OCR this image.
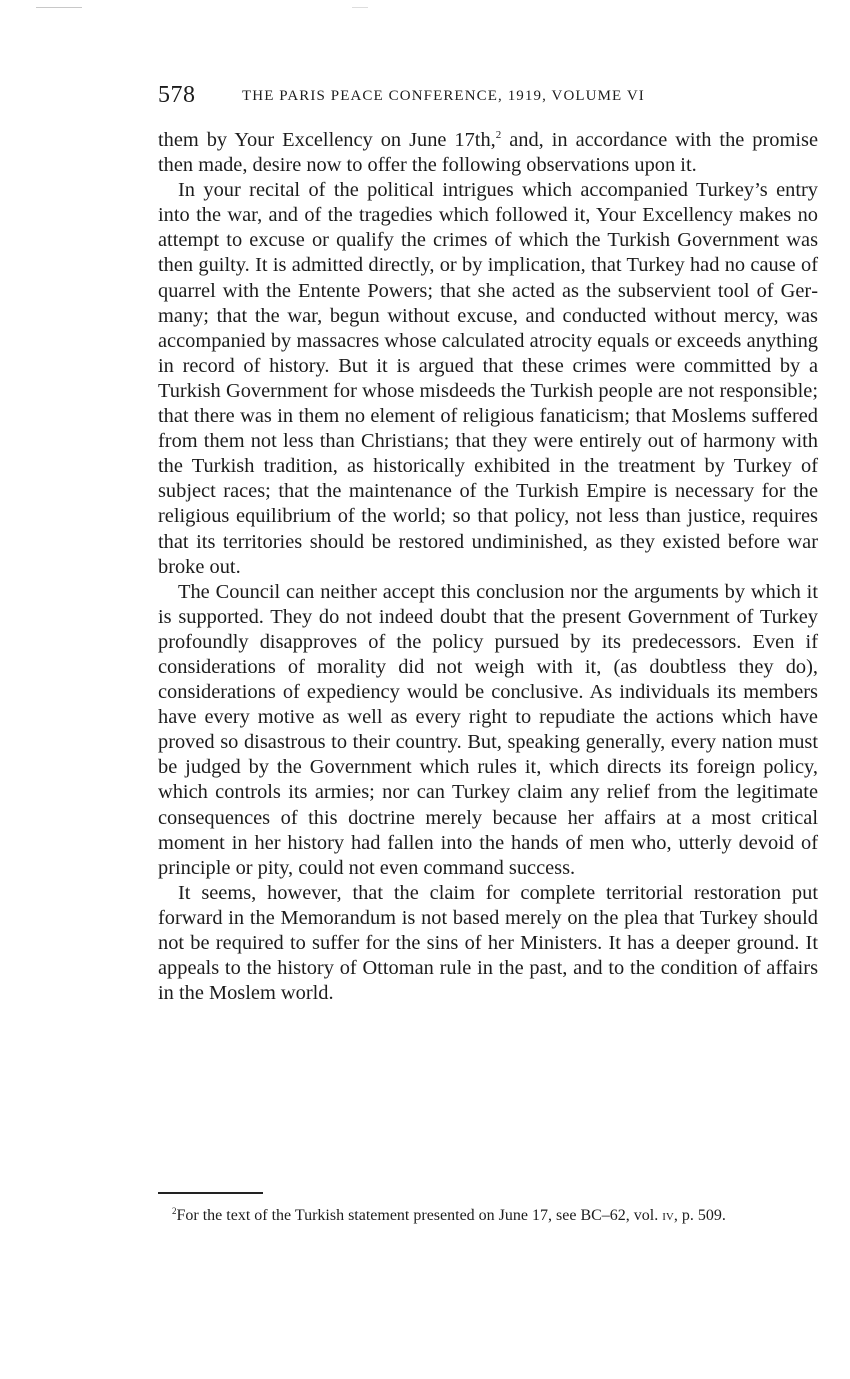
578	THE PARIS PEACE CONFERENCE, 1919, VOLUME VI

them by Your Excellency on June 17th,$^2$ and, in accordance with the promise then made, desire now to offer the following observations upon it.

In your recital of the political intrigues which accompanied Turkey’s entry into the war, and of the tragedies which followed it, Your Excellency makes no attempt to excuse or qualify the crimes of which the Turkish Government was then guilty. It is admitted directly, or by implication, that Turkey had no cause of quarrel with the Entente Powers; that she acted as the subservient tool of Germany; that the war, begun without excuse, and conducted without mercy, was accompanied by massacres whose calculated atrocity equals or exceeds anything in record of history. But it is argued that these crimes were committed by a Turkish Government for whose misdeeds the Turkish people are not responsible; that there was in them no element of religious fanaticism; that Moslems suffered from them not less than Christians; that they were entirely out of harmony with the Turkish tradition, as historically exhibited in the treatment by Turkey of subject races; that the maintenance of the Turkish Empire is necessary for the religious equilibrium of the world; so that policy, not less than justice, requires that its territories should be restored undiminished, as they existed before war broke out.

The Council can neither accept this conclusion nor the arguments by which it is supported. They do not indeed doubt that the present Government of Turkey profoundly disapproves of the policy pursued by its predecessors. Even if considerations of morality did not weigh with it, (as doubtless they do), considerations of expediency would be conclusive. As individuals its members have every motive as well as every right to repudiate the actions which have proved so disastrous to their country. But, speaking generally, every nation must be judged by the Government which rules it, which directs its foreign policy, which controls its armies; nor can Turkey claim any relief from the legitimate consequences of this doctrine merely because her affairs at a most critical moment in her history had fallen into the hands of men who, utterly devoid of principle or pity, could not even command success.

It seems, however, that the claim for complete territorial restoration put forward in the Memorandum is not based merely on the plea that Turkey should not be required to suffer for the sins of her Ministers. It has a deeper ground. It appeals to the history of Ottoman rule in the past, and to the condition of affairs in the Moslem world.

$^2$For the text of the Turkish statement presented on June 17, see BC–62, vol. iv, p. 509.
